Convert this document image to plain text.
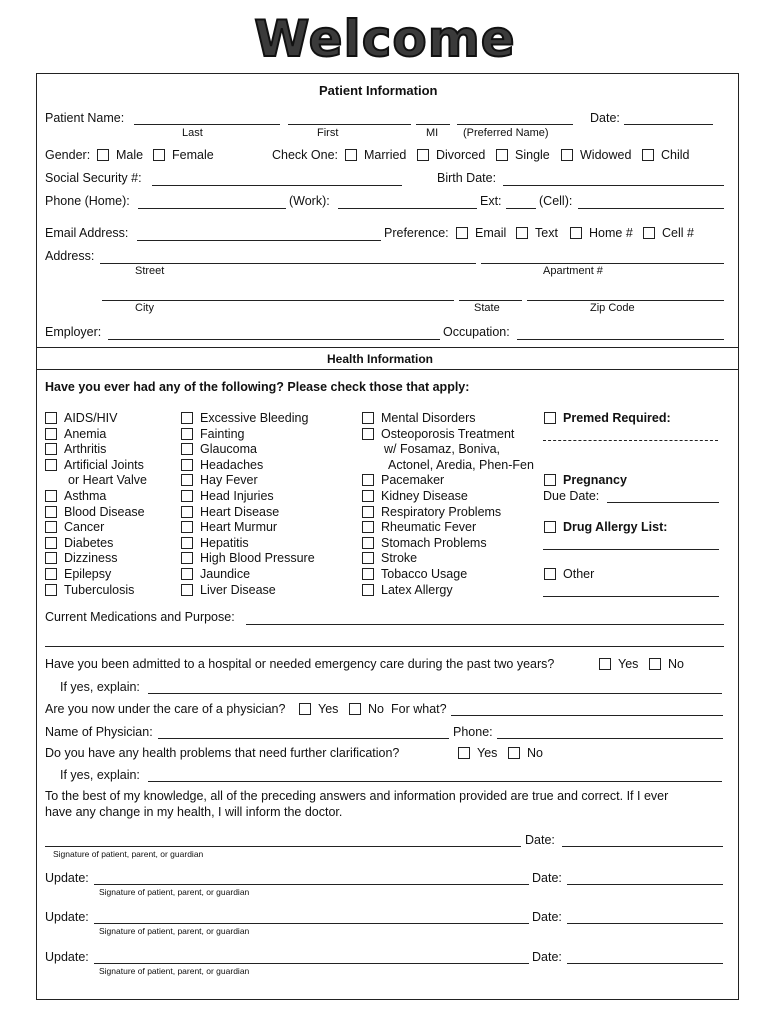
Welcome
Patient Information
Patient Name:	Date:
Last	First	MI (Preferred Name)
Gender: Male Female	Check One: Married Divorced Single Widowed Child
Social Security #:	Birth Date:
Phone (Home):	(Work):	Ext:	(Cell):
Email Address:	Preference: Email Text Home # Cell #
Address:
Street	Apartment #
City	State	Zip Code
Employer:	Occupation:
Health Information
Have you ever had any of the following? Please check those that apply:
AIDS/HIV
Anemia
Arthritis
Artificial Joints
or Heart Valve
Asthma
Blood Disease
Cancer
Diabetes
Dizziness
Epilepsy
Tuberculosis
Excessive Bleeding
Fainting
Glaucoma
Headaches
Hay Fever
Head Injuries
Heart Disease
Heart Murmur
Hepatitis
High Blood Pressure
Jaundice
Liver Disease
Mental Disorders
Osteoporosis Treatment
w/ Fosamaz, Boniva,
Actonel, Aredia, Phen-Fen
Pacemaker
Kidney Disease
Respiratory Problems
Rheumatic Fever
Stomach Problems
Stroke
Tobacco Usage
Latex Allergy
Premed Required:
Pregnancy
Due Date:
Drug Allergy List:
Other
Current Medications and Purpose:
Have you been admitted to a hospital or needed emergency care during the past two years?	Yes No
If yes, explain:
Are you now under the care of a physician?	Yes No For what?
Name of Physician:	Phone:
Do you have any health problems that need further clarification?	Yes No
If yes, explain:
To the best of my knowledge, all of the preceding answers and information provided are true and correct. If I ever
have any change in my health, I will inform the doctor.
Date:
Signature of patient, parent, or guardian
Update:	Date:
Signature of patient, parent, or guardian
Update:	Date:
Signature of patient, parent, or guardian
Update:	Date:
Signature of patient, parent, or guardian
